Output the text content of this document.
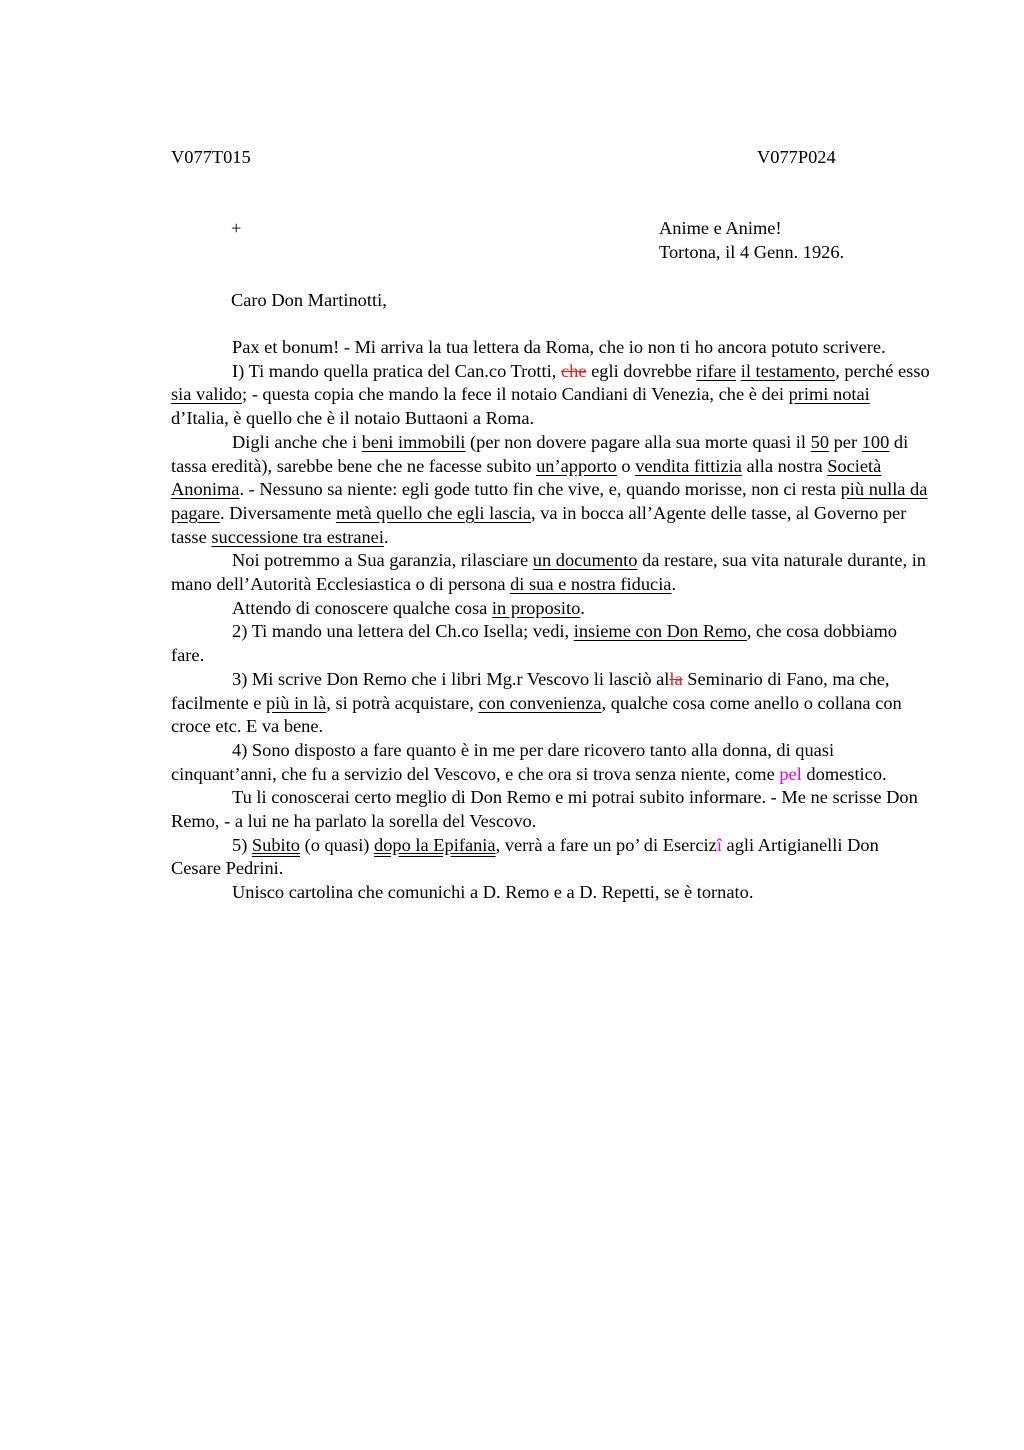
V077T015	V077P024
+	Anime e Anime!
Tortona, il 4 Genn. 1926.
Caro Don Martinotti,

Pax et bonum! - Mi arriva la tua lettera da Roma, che io non ti ho ancora potuto scrivere.

I) Ti mando quella pratica del Can.co Trotti, che egli dovrebbe rifare il testamento, perché esso sia valido; - questa copia che mando la fece il notaio Candiani di Venezia, che è dei primi notai d’Italia, è quello che è il notaio Buttaoni a Roma.

Digli anche che i beni immobili (per non dovere pagare alla sua morte quasi il 50 per 100 di tassa eredità), sarebbe bene che ne facesse subito un’apporto o vendita fittizia alla nostra Società Anonima. - Nessuno sa niente: egli gode tutto fin che vive, e, quando morisse, non ci resta più nulla da pagare. Diversamente metà quello che egli lascia, va in bocca all’Agente delle tasse, al Governo per tasse successione tra estranei.

Noi potremmo a Sua garanzia, rilasciare un documento da restare, sua vita naturale durante, in mano dell’Autorità Ecclesiastica o di persona di sua e nostra fiducia.

Attendo di conoscere qualche cosa in proposito.

2) Ti mando una lettera del Ch.co Isella; vedi, insieme con Don Remo, che cosa dobbiamo fare.

3) Mi scrive Don Remo che i libri Mg.r Vescovo li lasciò alla Seminario di Fano, ma che, facilmente e più in là, si potrà acquistare, con convenienza, qualche cosa come anello o collana con croce etc. E va bene.

4) Sono disposto a fare quanto è in me per dare ricovero tanto alla donna, di quasi cinquant’anni, che fu a servizio del Vescovo, e che ora si trova senza niente, come pel domestico.

Tu li conoscerai certo meglio di Don Remo e mi potrai subito informare. - Me ne scrisse Don Remo, - a lui ne ha parlato la sorella del Vescovo.

5) Subito (o quasi) dopo la Epifania, verrà a fare un po’ di Esercizî agli Artigianelli Don Cesare Pedrini.

Unisco cartolina che comunichi a D. Remo e a D. Repetti, se è tornato.
